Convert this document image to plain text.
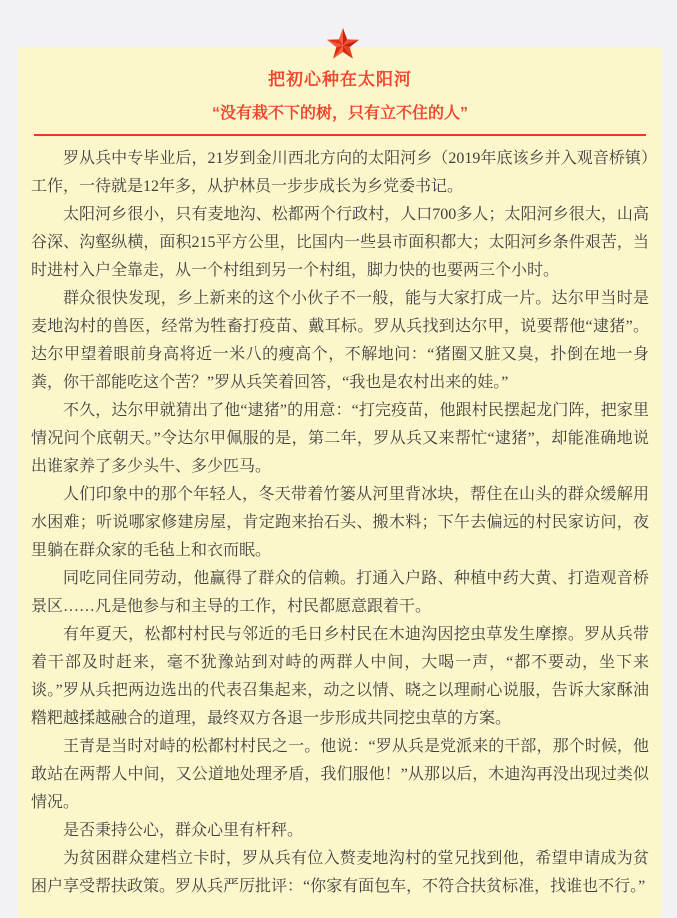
把初心种在太阳河
“没有栽不下的树，只有立不住的人”

罗从兵中专毕业后，21岁到金川西北方向的太阳河乡（2019年底该乡并入观音桥镇）工作，一待就是12年多，从护林员一步步成长为乡党委书记。

太阳河乡很小，只有麦地沟、松都两个行政村，人口700多人；太阳河乡很大，山高谷深、沟壑纵横，面积215平方公里，比国内一些县市面积都大；太阳河乡条件艰苦，当时进村入户全靠走，从一个村组到另一个村组，脚力快的也要两三个小时。

群众很快发现，乡上新来的这个小伙子不一般，能与大家打成一片。达尔甲当时是麦地沟村的兽医，经常为牲畜打疫苗、戴耳标。罗从兵找到达尔甲，说要帮他“逮猪”。达尔甲望着眼前身高将近一米八的瘦高个，不解地问：“猪圈又脏又臭，扑倒在地一身粪，你干部能吃这个苦？”罗从兵笑着回答，“我也是农村出来的娃。”

不久，达尔甲就猜出了他“逮猪”的用意：“打完疫苗，他跟村民摆起龙门阵，把家里情况问个底朝天。”令达尔甲佩服的是，第二年，罗从兵又来帮忙“逮猪”，却能准确地说出谁家养了多少头牛、多少匹马。

人们印象中的那个年轻人，冬天带着竹篓从河里背冰块，帮住在山头的群众缓解用水困难；听说哪家修建房屋，肯定跑来抬石头、搬木料；下午去偏远的村民家访问，夜里躺在群众家的毛毡上和衣而眠。

同吃同住同劳动，他赢得了群众的信赖。打通入户路、种植中药大黄、打造观音桥景区……凡是他参与和主导的工作，村民都愿意跟着干。

有年夏天，松都村村民与邻近的毛日乡村民在木迪沟因挖虫草发生摩擦。罗从兵带着干部及时赶来，毫不犹豫站到对峙的两群人中间，大喝一声，“都不要动，坐下来谈。”罗从兵把两边选出的代表召集起来，动之以情、晓之以理耐心说服，告诉大家酥油糌粑越揉越融合的道理，最终双方各退一步形成共同挖虫草的方案。

王青是当时对峙的松都村村民之一。他说：“罗从兵是党派来的干部，那个时候，他敢站在两帮人中间，又公道地处理矛盾，我们服他！”从那以后，木迪沟再没出现过类似情况。

是否秉持公心，群众心里有杆秤。

为贫困群众建档立卡时，罗从兵有位入赘麦地沟村的堂兄找到他，希望申请成为贫困户享受帮扶政策。罗从兵严厉批评：“你家有面包车，不符合扶贫标准，找谁也不行。”
